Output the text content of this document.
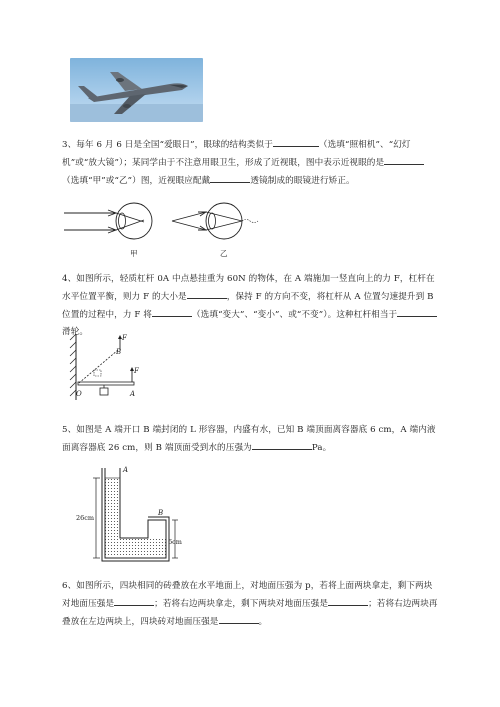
3、每年 6 月 6 日是全国“爱眼日”，眼球的结构类似于	（选填“照相机”、“幻灯机”或“放大镜”）；某同学由于不注意用眼卫生，形成了近视眼，图中表示近视眼的是（选填“甲”或“乙”）图，近视眼应配戴	透镜制成的眼镜进行矫正。
甲	乙
4、如图所示，轻质杠杆 0A 中点悬挂重为 60N 的物体，在 A 端施加一竖直向上的力 F，杠杆在水平位置平衡，则力 F 的大小是	，保持 F 的方向不变，将杠杆从 A 位置匀速提升到 B 位置的过程中，力 F 将	（选填“变大”、“变小”、或“不变”）。这种杠杆相当于滑轮。
F
B
F
O	A
5、如图是 A 端开口 B 端封闭的 L 形容器，内盛有水，已知 B 端顶面离容器底 6 cm，A 端内液面离容器底 26 cm，则 B 端顶面受到水的压强为	Pa。
A
B
26cm
6cm
6、如图所示，四块相同的砖叠放在水平地面上，对地面压强为 p，若将上面两块拿走，剩下两块对地面压强是	；若将右边两块拿走，剩下两块对地面压强是	；若将右边两块再叠放在左边两块上，四块砖对地面压强是	。
